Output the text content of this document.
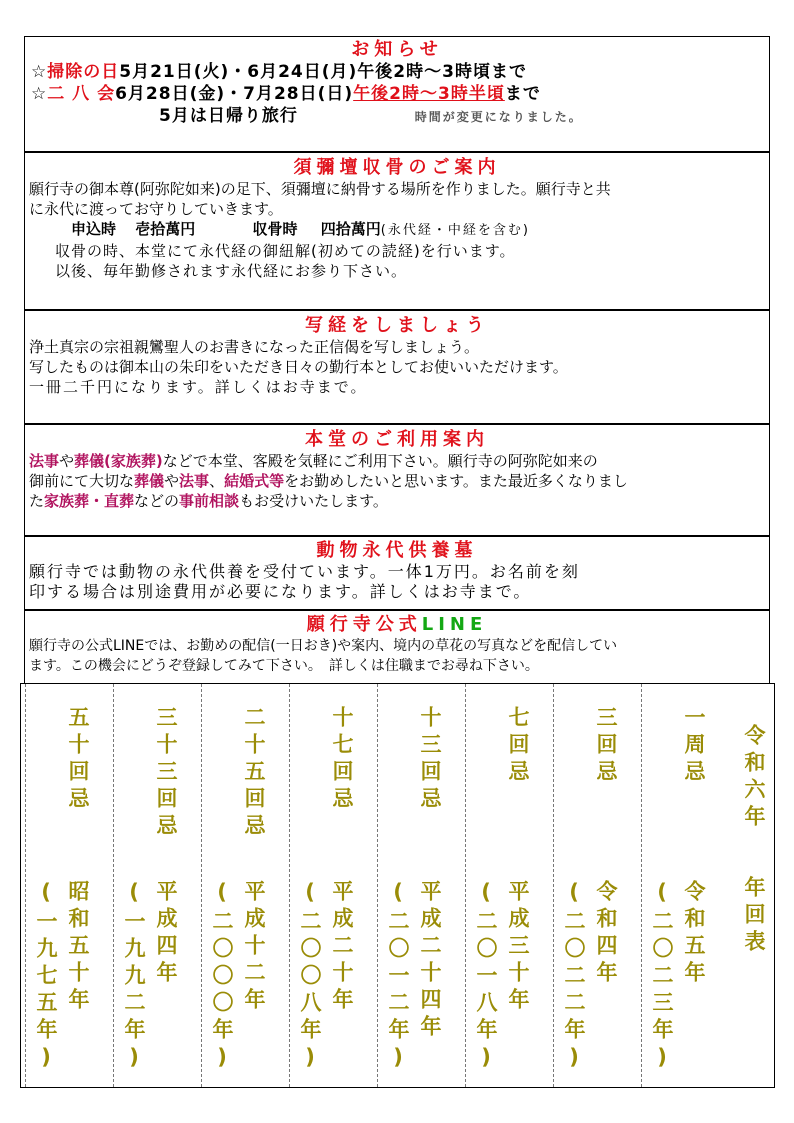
お知らせ
☆掃除の日5月21日(火)・6月24日(月)午後2時～3時頃まで
☆二 八 会6月28日(金)・7月28日(日)午後2時～3時半頃まで
5月は日帰り旅行	時間が変更になりました。
須彌壇収骨のご案内
願行寺の御本尊(阿弥陀如来)の足下、須彌壇に納骨する場所を作りました。願行寺と共
に永代に渡ってお守りしていきます。
申込時 壱拾萬円	収骨時 四拾萬円(永代経・中経を含む)
収骨の時、本堂にて永代経の御紐解(初めての読経)を行います。
以後、毎年勤修されます永代経にお参り下さい。
写経をしましょう
浄土真宗の宗祖親鸞聖人のお書きになった正信偈を写しましょう。
写したものは御本山の朱印をいただき日々の勤行本としてお使いいただけます。
一冊二千円になります。詳しくはお寺まで。
本堂のご利用案内
法事や葬儀(家族葬)などで本堂、客殿を気軽にご利用下さい。願行寺の阿弥陀如来の
御前にて大切な葬儀や法事、結婚式等をお勤めしたいと思います。また最近多くなりまし
た家族葬・直葬などの事前相談もお受けいたします。
動物永代供養墓
願行寺では動物の永代供養を受付ています。一体1万円。お名前を刻
印する場合は別途費用が必要になります。詳しくはお寺まで。
願行寺公式LINE
願行寺の公式LINEでは、お勤めの配信(一日おき)や案内、境内の草花の写真などを配信してい
ます。この機会にどうぞ登録してみて下さい。　詳しくは住職までお尋ね下さい。
令和六年
年回表
一周忌
令和五年
(二〇二三年)
三回忌
令和四年
(二〇二二年)
七回忌
平成三十年
(二〇一八年)
十三回忌
平成二十四年
(二〇一二年)
十七回忌
平成二十年
(二〇〇八年)
二十五回忌
平成十二年
(二〇〇〇年)
三十三回忌
平成四年
(一九九二年)
五十回忌
昭和五十年
(一九七五年)
